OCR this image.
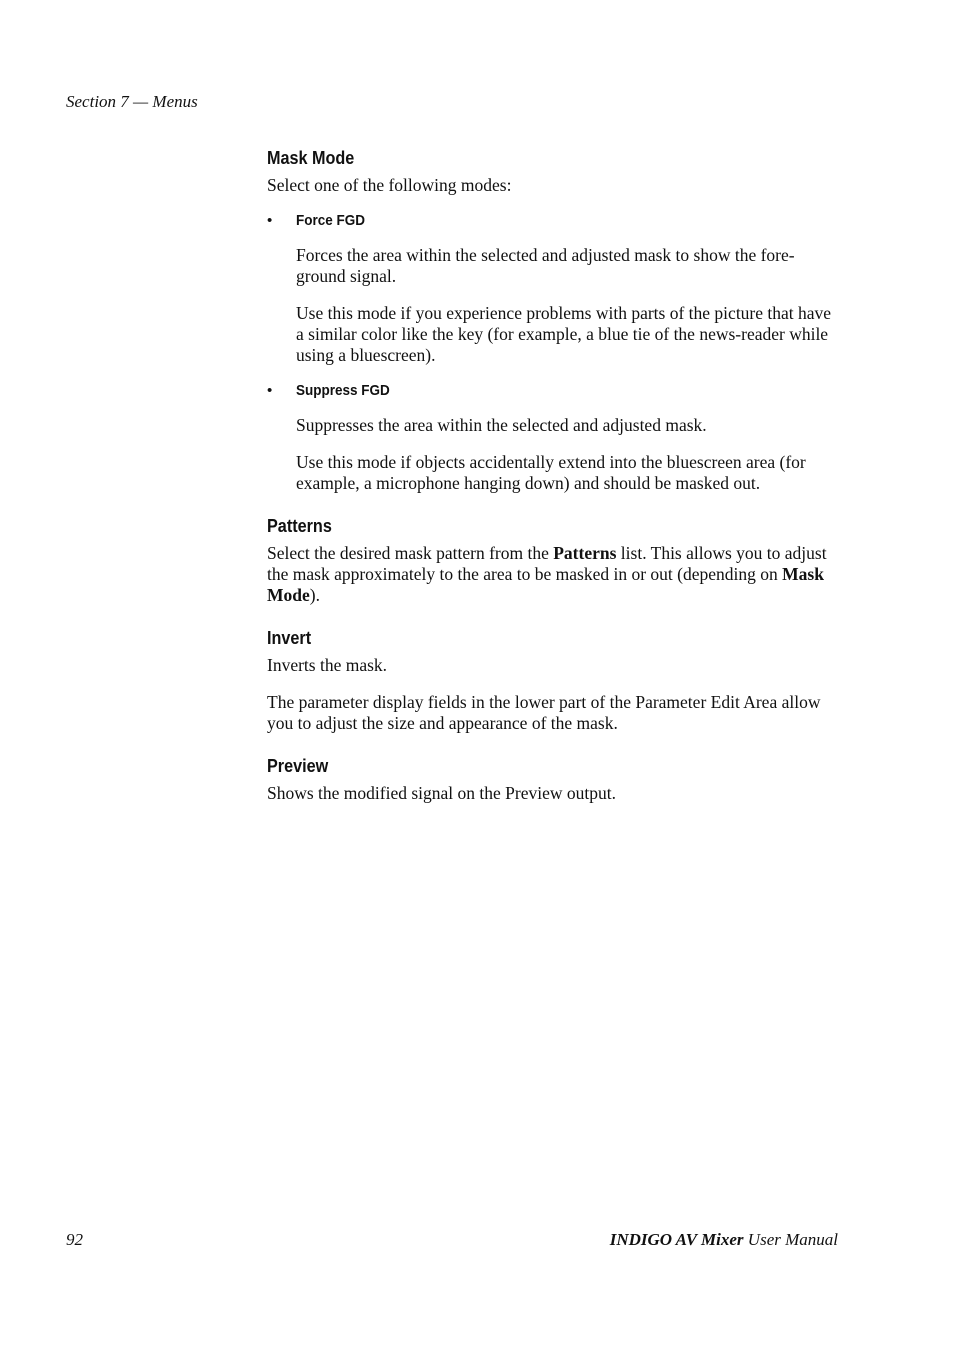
Section 7 — Menus
Mask Mode

Select one of the following modes:

• Force FGD

Forces the area within the selected and adjusted mask to show the fore-ground signal.

Use this mode if you experience problems with parts of the picture that have a similar color like the key (for example, a blue tie of the news-reader while using a bluescreen).

• Suppress FGD

Suppresses the area within the selected and adjusted mask.

Use this mode if objects accidentally extend into the bluescreen area (for example, a microphone hanging down) and should be masked out.

Patterns

Select the desired mask pattern from the Patterns list. This allows you to adjust the mask approximately to the area to be masked in or out (depending on Mask Mode).

Invert

Inverts the mask.

The parameter display fields in the lower part of the Parameter Edit Area allow you to adjust the size and appearance of the mask.

Preview

Shows the modified signal on the Preview output.

92	INDIGO AV Mixer User Manual
